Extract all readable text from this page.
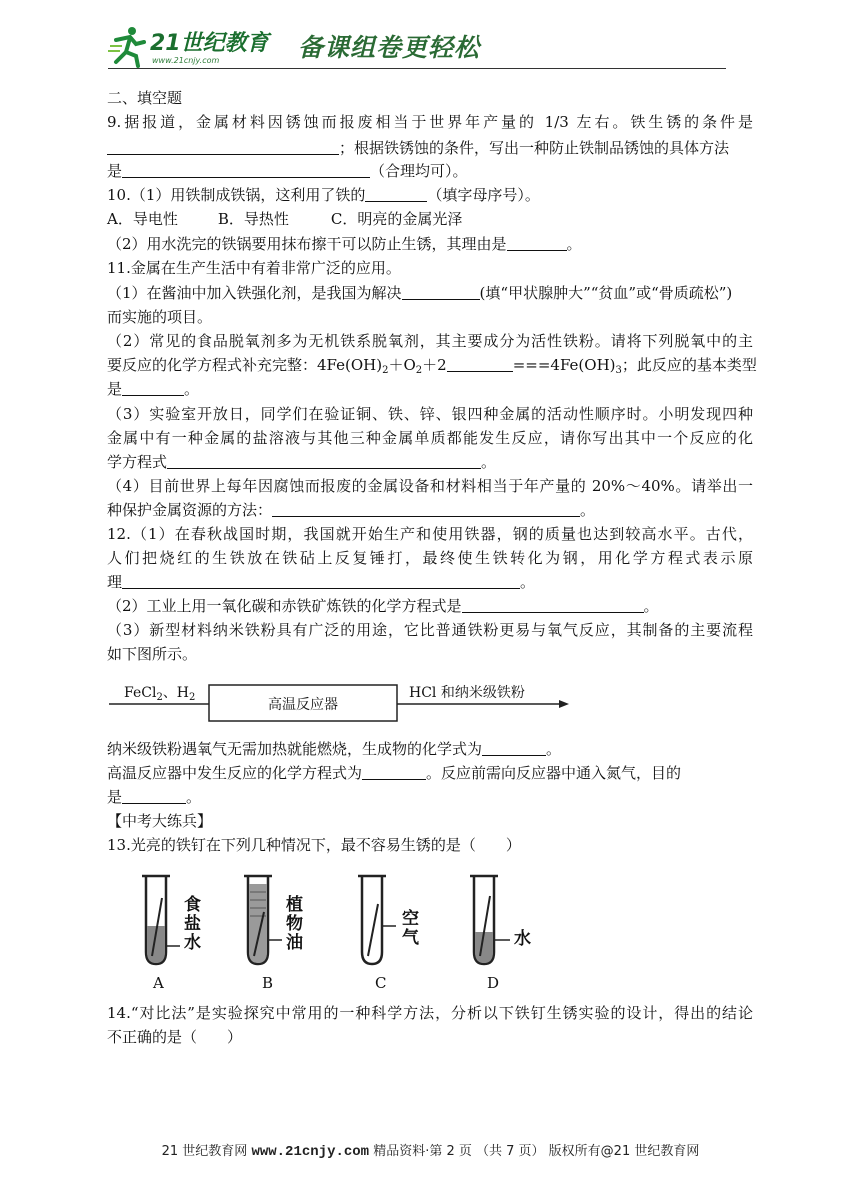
21世纪教育
www.21cnjy.com	备课组卷更轻松
二、填空题
9.据报道，金属材料因锈蚀而报废相当于世界年产量的 1/3 左右。铁生锈的条件是
；根据铁锈蚀的条件，写出一种防止铁制品锈蚀的具体方法
是	（合理均可）。
10.（1）用铁制成铁锅，这利用了铁的	（填字母序号）。
A．导电性	B．导热性	C．明亮的金属光泽
（2）用水洗完的铁锅要用抹布擦干可以防止生锈，其理由是	。
11.金属在生产生活中有着非常广泛的应用。
（1）在酱油中加入铁强化剂，是我国为解决	(填“甲状腺肿大”“贫血”或“骨质疏松”)
而实施的项目。
（2）常见的食品脱氧剂多为无机铁系脱氧剂，其主要成分为活性铁粉。请将下列脱氧中的主
要反应的化学方程式补充完整：$4Fe(OH)_2+O_2+2$	$===4Fe(OH)_3$；此反应的基本类型
是	。
（3）实验室开放日，同学们在验证铜、铁、锌、银四种金属的活动性顺序时。小明发现四种
金属中有一种金属的盐溶液与其他三种金属单质都能发生反应，请你写出其中一个反应的化
学方程式	。
（4）目前世界上每年因腐蚀而报废的金属设备和材料相当于年产量的 20%～40%。请举出一
种保护金属资源的方法：	。
12.（1）在春秋战国时期，我国就开始生产和使用铁器，钢的质量也达到较高水平。古代，
人们把烧红的生铁放在铁砧上反复锤打，最终使生铁转化为钢，用化学方程式表示原
理	。
（2）工业上用一氧化碳和赤铁矿炼铁的化学方程式是	。
（3）新型材料纳米铁粉具有广泛的用途，它比普通铁粉更易与氧气反应，其制备的主要流程
如下图所示。
FeCl$_2$、$H_2$	高温反应器
HCl 和纳米级铁粉
纳米级铁粉遇氧气无需加热就能燃烧，生成物的化学式为	。
高温反应器中发生反应的化学方程式为	。反应前需向反应器中通入氮气，目的
是	。
【中考大练兵】
13.光亮的铁钉在下列几种情况下，最不容易生锈的是（　　）
食盐水
植物油
空气	水
A	B	C	D
14.“对比法”是实验探究中常用的一种科学方法，分析以下铁钉生锈实验的设计，得出的结论
不正确的是（　　）
21 世纪教育网 www.21cnjy.com 精品资料·第 2 页 （共 7 页） 版权所有@21 世纪教育网
